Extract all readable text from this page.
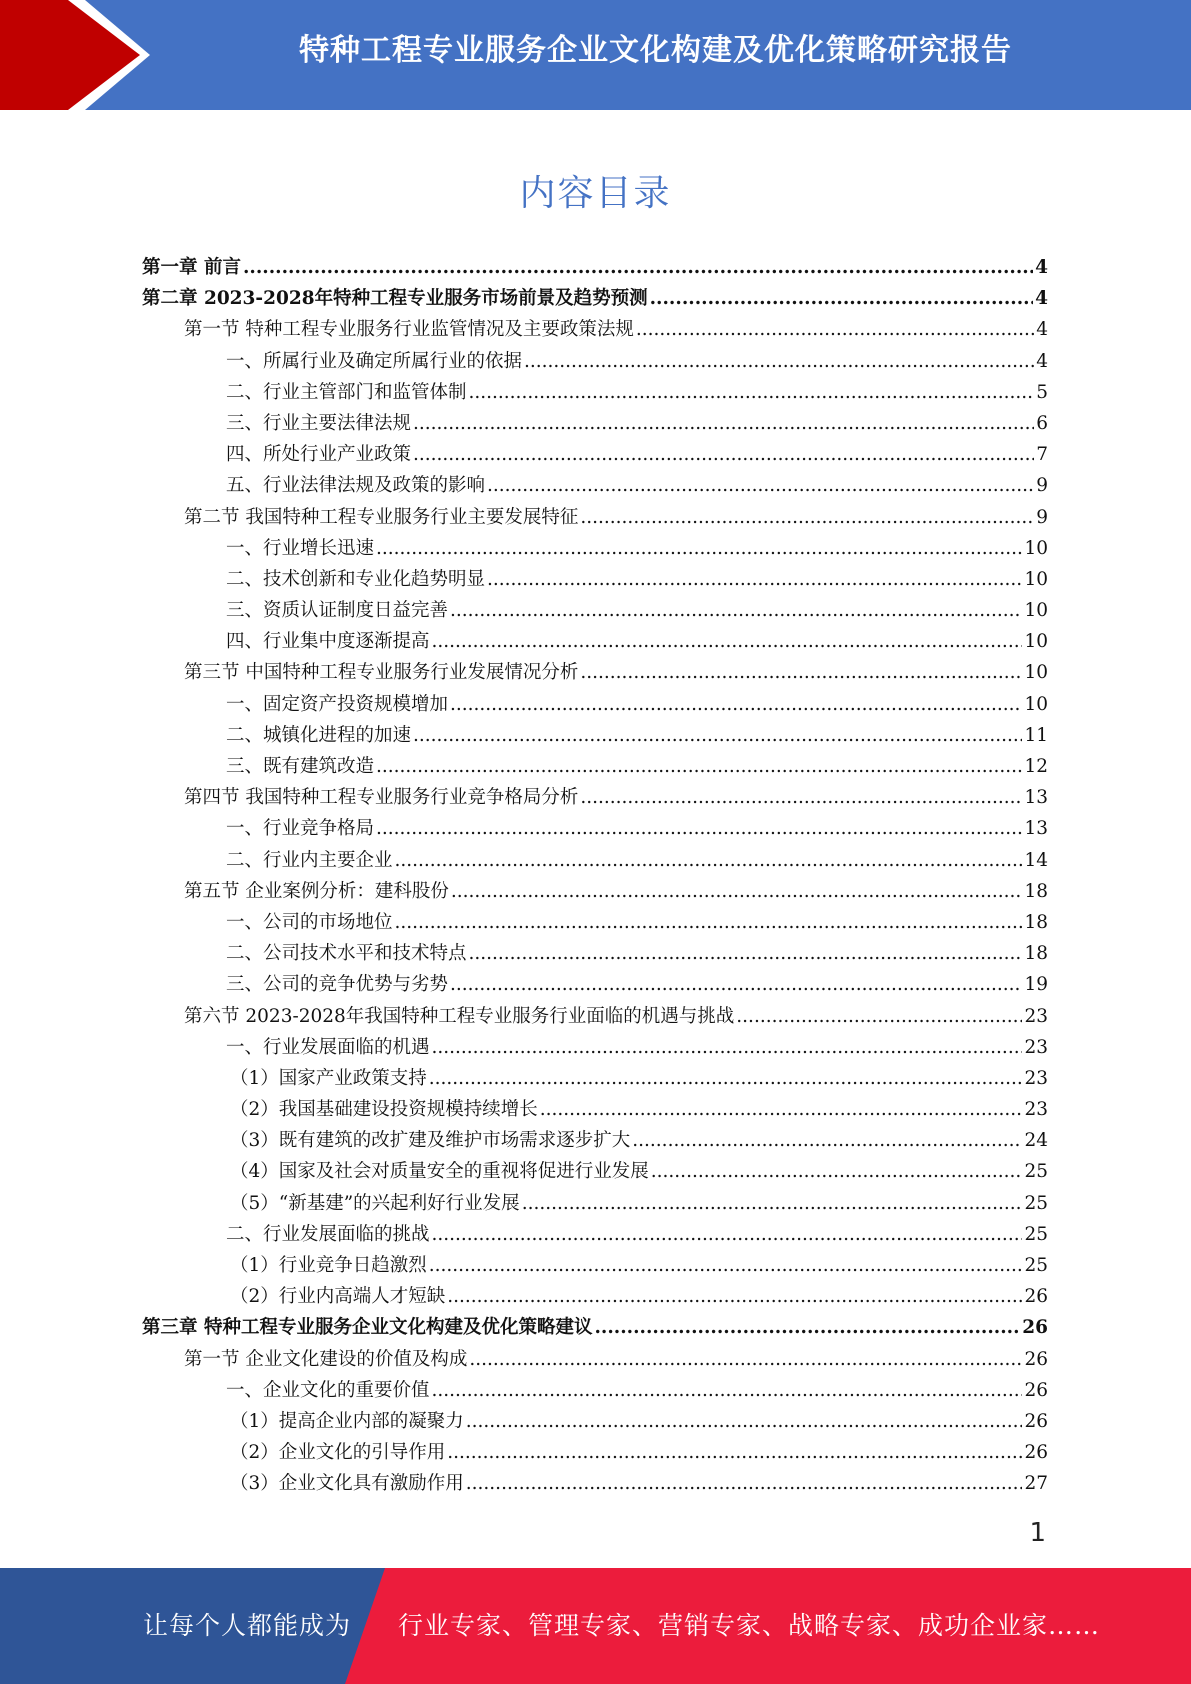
特种工程专业服务企业文化构建及优化策略研究报告
内容目录
第一章 前言 .....	4
第二章 2023-2028年特种工程专业服务市场前景及趋势预测 .....	4
第一节 特种工程专业服务行业监管情况及主要政策法规 .....	4
一、所属行业及确定所属行业的依据 .....	4
二、行业主管部门和监管体制 .....	5
三、行业主要法律法规 .....	6
四、所处行业产业政策 .....	7
五、行业法律法规及政策的影响 .....	9
第二节 我国特种工程专业服务行业主要发展特征 .....	9
一、行业增长迅速 .....	10
二、技术创新和专业化趋势明显 .....	10
三、资质认证制度日益完善 .....	10
四、行业集中度逐渐提高 .....	10
第三节 中国特种工程专业服务行业发展情况分析 .....	10
一、固定资产投资规模增加 .....	10
二、城镇化进程的加速 .....	11
三、既有建筑改造 .....	12
第四节 我国特种工程专业服务行业竞争格局分析 .....	13
一、行业竞争格局 .....	13
二、行业内主要企业 .....	14
第五节 企业案例分析：建科股份 .....	18
一、公司的市场地位 .....	18
二、公司技术水平和技术特点 .....	18
三、公司的竞争优势与劣势 .....	19
第六节 2023-2028年我国特种工程专业服务行业面临的机遇与挑战 .....	23
一、行业发展面临的机遇 .....	23
（1）国家产业政策支持 .....	23
（2）我国基础建设投资规模持续增长 .....	23
（3）既有建筑的改扩建及维护市场需求逐步扩大 .....	24
（4）国家及社会对质量安全的重视将促进行业发展 .....	25
（5）“新基建”的兴起利好行业发展 .....	25
二、行业发展面临的挑战 .....	25
（1）行业竞争日趋激烈 .....	25
（2）行业内高端人才短缺 .....	26
第三章 特种工程专业服务企业文化构建及优化策略建议 .....	26
第一节 企业文化建设的价值及构成 .....	26
一、企业文化的重要价值 .....	26
（1）提高企业内部的凝聚力 .....	26
（2）企业文化的引导作用 .....	26
（3）企业文化具有激励作用 .....	27
1
让每个人都能成为 行业专家、管理专家、营销专家、战略专家、成功企业家……
